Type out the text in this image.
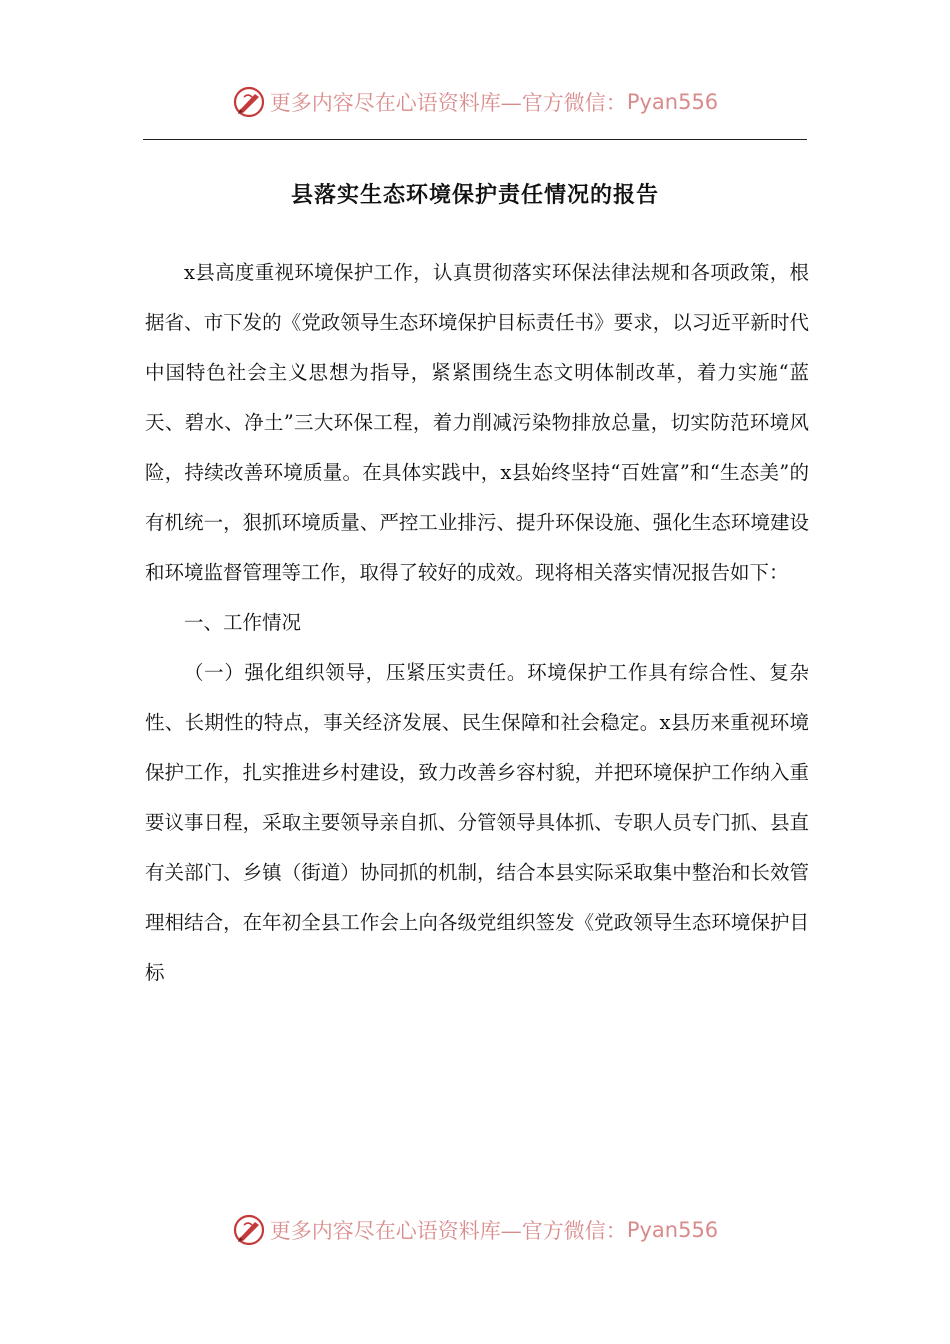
更多内容尽在心语资料库—官方微信： Pyan556
县落实生态环境保护责任情况的报告

x县高度重视环境保护工作，认真贯彻落实环保法律法规和各项政策，根据省、市下发的《党政领导生态环境保护目标责任书》要求，以习近平新时代中国特色社会主义思想为指导，紧紧围绕生态文明体制改革，着力实施“蓝天、碧水、净土”三大环保工程，着力削减污染物排放总量，切实防范环境风险，持续改善环境质量。在具体实践中，x县始终坚持“百姓富”和“生态美”的有机统一，狠抓环境质量、严控工业排污、提升环保设施、强化生态环境建设和环境监督管理等工作，取得了较好的成效。现将相关落实情况报告如下：

一、工作情况

（一）强化组织领导，压紧压实责任。环境保护工作具有综合性、复杂性、长期性的特点，事关经济发展、民生保障和社会稳定。x县历来重视环境保护工作，扎实推进乡村建设，致力改善乡容村貌，并把环境保护工作纳入重要议事日程，采取主要领导亲自抓、分管领导具体抓、专职人员专门抓、县直有关部门、乡镇（街道）协同抓的机制，结合本县实际采取集中整治和长效管理相结合，在年初全县工作会上向各级党组织签发《党政领导生态环境保护目标

更多内容尽在心语资料库—官方微信： Pyan556
